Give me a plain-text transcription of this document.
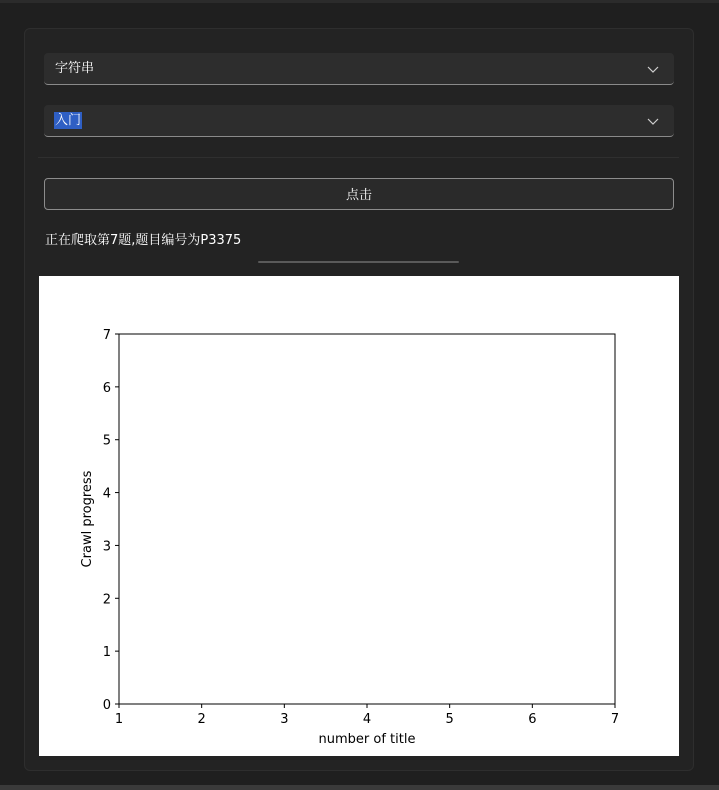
字符串
入门
点击
正在爬取第7题,题目编号为P3375
1	2	3	4	5	6	7
0
1
2
3
4
5
6
7
number of title
Crawl progress
